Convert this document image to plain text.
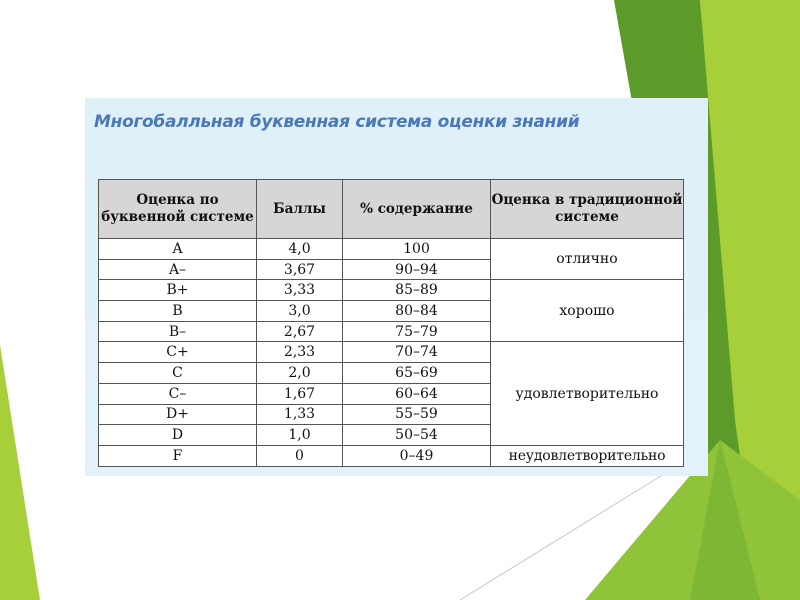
Многобалльная буквенная система оценки знаний
Оценка по буквенной системе	Баллы	% содержание	Оценка в традиционной системе
A	4,0	100	отлично
A–	3,67	90–94	
B+	3,33	85–89	хорошо
B	3,0	80–84	
B–	2,67	75–79	
C+	2,33	70–74	удовлетворительно
C	2,0	65–69	
C–	1,67	60–64	
D+	1,33	55–59	
D	1,0	50–54	
F	0	0–49	неудовлетворительно
